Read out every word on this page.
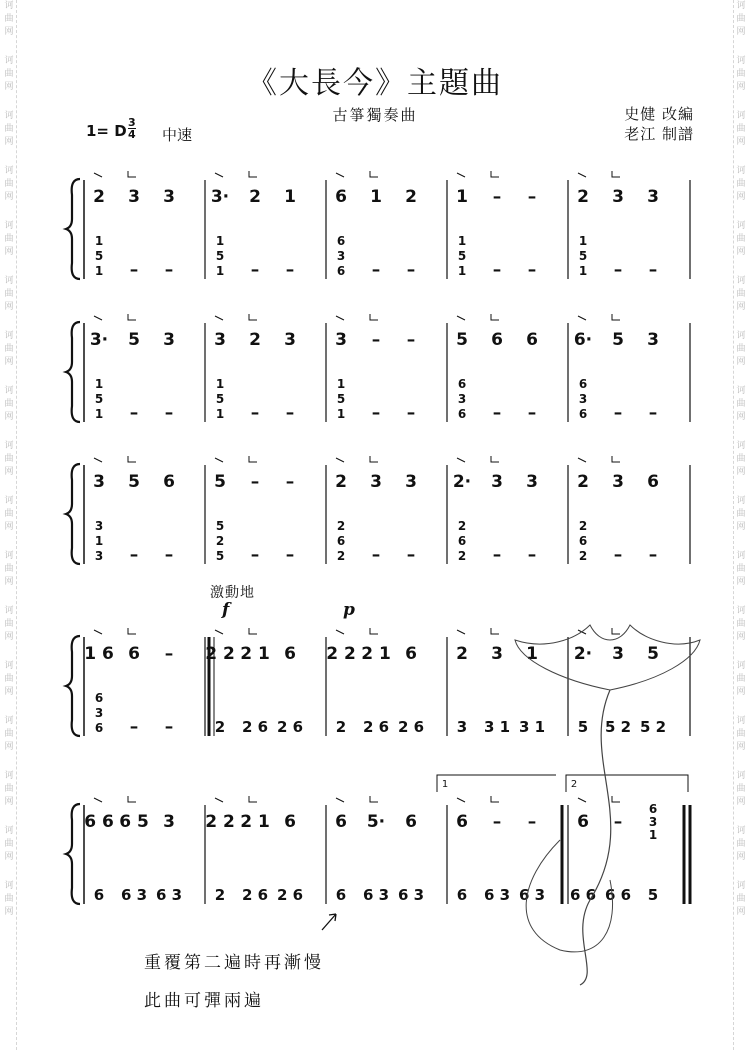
诃
曲
网
诃
曲
网
诃
曲
网
诃
曲
网
诃
曲
网
诃
曲
网
诃
曲
网
诃
曲
网
诃
曲
网
诃
曲
网
诃
曲
网
诃
曲
网
诃
曲
网
诃
曲
网
诃
曲
网
诃
曲
网
诃
曲
网
诃
曲
网
诃
曲
网
诃
曲
网
诃
曲
网
诃
曲
网
诃
曲
网
诃
曲
网
诃
曲
网
诃
曲
网
诃
曲
网
诃
曲
网
诃
曲
网
诃
曲
网
诃
曲
网
诃
曲
网
诃
曲
网
诃
曲
网
《大長今》主題曲
古箏獨奏曲	史健 改編
老江 制譜
1= D $\frac{3}{4}$ 中速
2 3 3
1
5
1 – –
3· 2 1
1
5
1 – –
6 1 2
6
3
6 – –
1 – –
1
5
1 – –
2 3 3
1
5
1 – –
3· 5 3
1
5
1 – –
3 2 3
1
5
1 – –
3 – –
1
5
1 – –
5 6 6
6
3
6 – –
6· 5 3
6
3
6 – –
3 5 6
3
1
3 – –
5 – –
5
2
5 – –
2 3 3
2
6
2 – –
2· 3 3
2
6
2 – –
2 3 6
2
6
2 – –
1 6 6 –
6
3
6 – –
2 2 2 1 6
2 2 6 2 6
2 2 2 1 6
2 2 6 2 6
2 3 1
3 3 1 3 1
2· 3 5
5 5 2 5 2
6 6 6 5 3
6 6 3 6 3
2 2 2 1 6
2 2 6 2 6
6 5· 6
6 6 3 6 3
6 – –
6 6 3 6 3
6 –
6
3
1
6 6 6 6 5
1	2
激動地
f	p
重覆第二遍時再漸慢
此曲可彈兩遍
